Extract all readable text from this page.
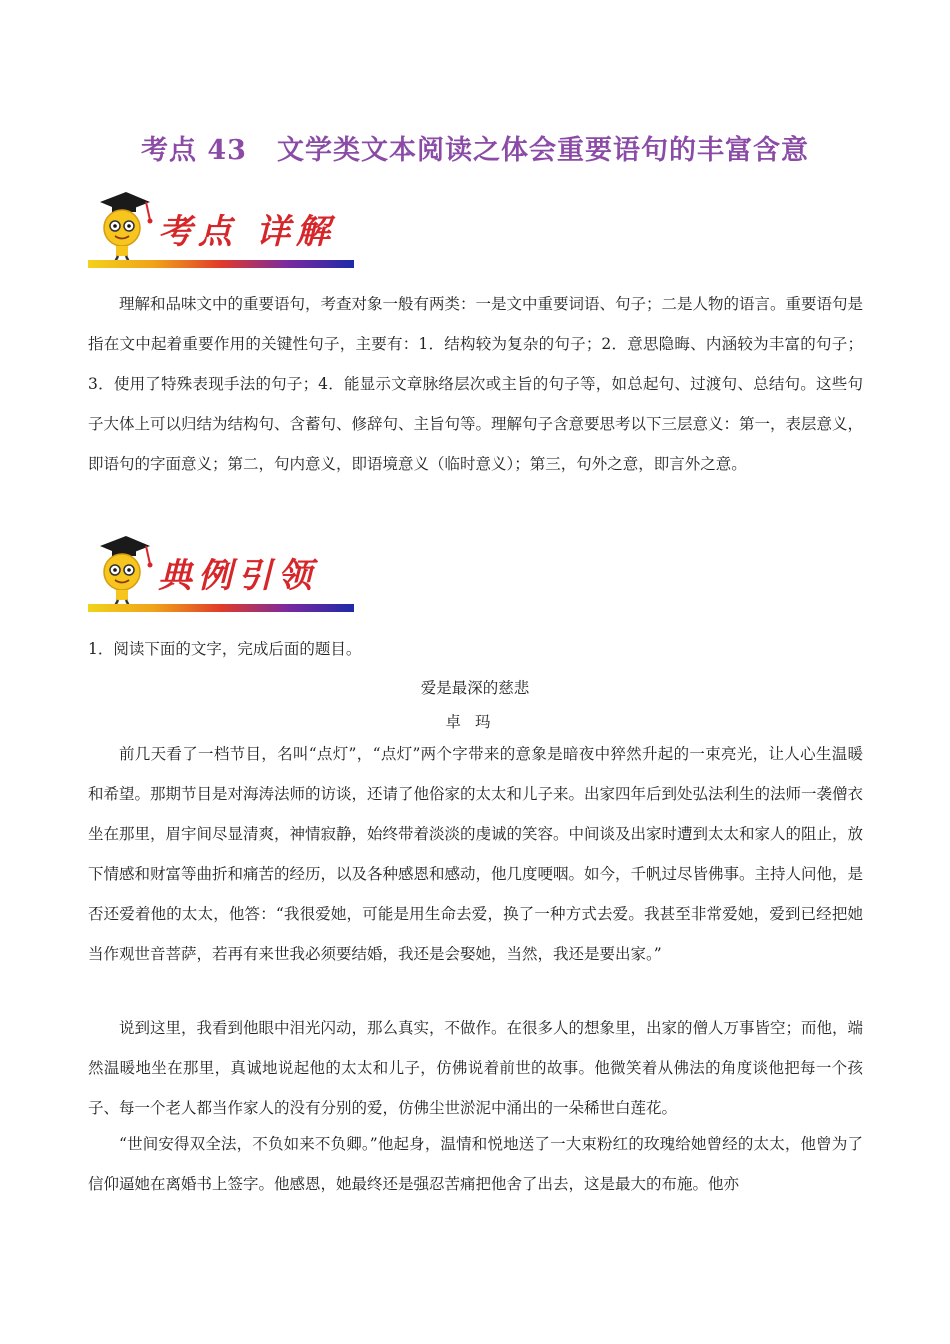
考点 43 文学类文本阅读之体会重要语句的丰富含意
考点 详解

理解和品味文中的重要语句，考查对象一般有两类：一是文中重要词语、句子；二是人物的语言。重要语句是指在文中起着重要作用的关键性句子，主要有：1．结构较为复杂的句子；2．意思隐晦、内涵较为丰富的句子；3．使用了特殊表现手法的句子；4．能显示文章脉络层次或主旨的句子等，如总起句、过渡句、总结句。这些句子大体上可以归结为结构句、含蓄句、修辞句、主旨句等。理解句子含意要思考以下三层意义：第一，表层意义，即语句的字面意义；第二，句内意义，即语境意义（临时意义）；第三，句外之意，即言外之意。

典例引领

1．阅读下面的文字，完成后面的题目。

爱是最深的慈悲
卓玛

前几天看了一档节目，名叫“点灯”，“点灯”两个字带来的意象是暗夜中猝然升起的一束亮光，让人心生温暖和希望。那期节目是对海涛法师的访谈，还请了他俗家的太太和儿子来。出家四年后到处弘法利生的法师一袭僧衣坐在那里，眉宇间尽显清爽，神情寂静，始终带着淡淡的虔诚的笑容。中间谈及出家时遭到太太和家人的阻止，放下情感和财富等曲折和痛苦的经历，以及各种感恩和感动，他几度哽咽。如今，千帆过尽皆佛事。主持人问他，是否还爱着他的太太，他答：“我很爱她，可能是用生命去爱，换了一种方式去爱。我甚至非常爱她，爱到已经把她当作观世音菩萨，若再有来世我必须要结婚，我还是会娶她，当然，我还是要出家。”

说到这里，我看到他眼中泪光闪动，那么真实，不做作。在很多人的想象里，出家的僧人万事皆空；而他，端然温暖地坐在那里，真诚地说起他的太太和儿子，仿佛说着前世的故事。他微笑着从佛法的角度谈他把每一个孩子、每一个老人都当作家人的没有分别的爱，仿佛尘世淤泥中涌出的一朵稀世白莲花。

“世间安得双全法，不负如来不负卿。”他起身，温情和悦地送了一大束粉红的玫瑰给她曾经的太太，他曾为了信仰逼她在离婚书上签字。他感恩，她最终还是强忍苦痛把他舍了出去，这是最大的布施。他亦
